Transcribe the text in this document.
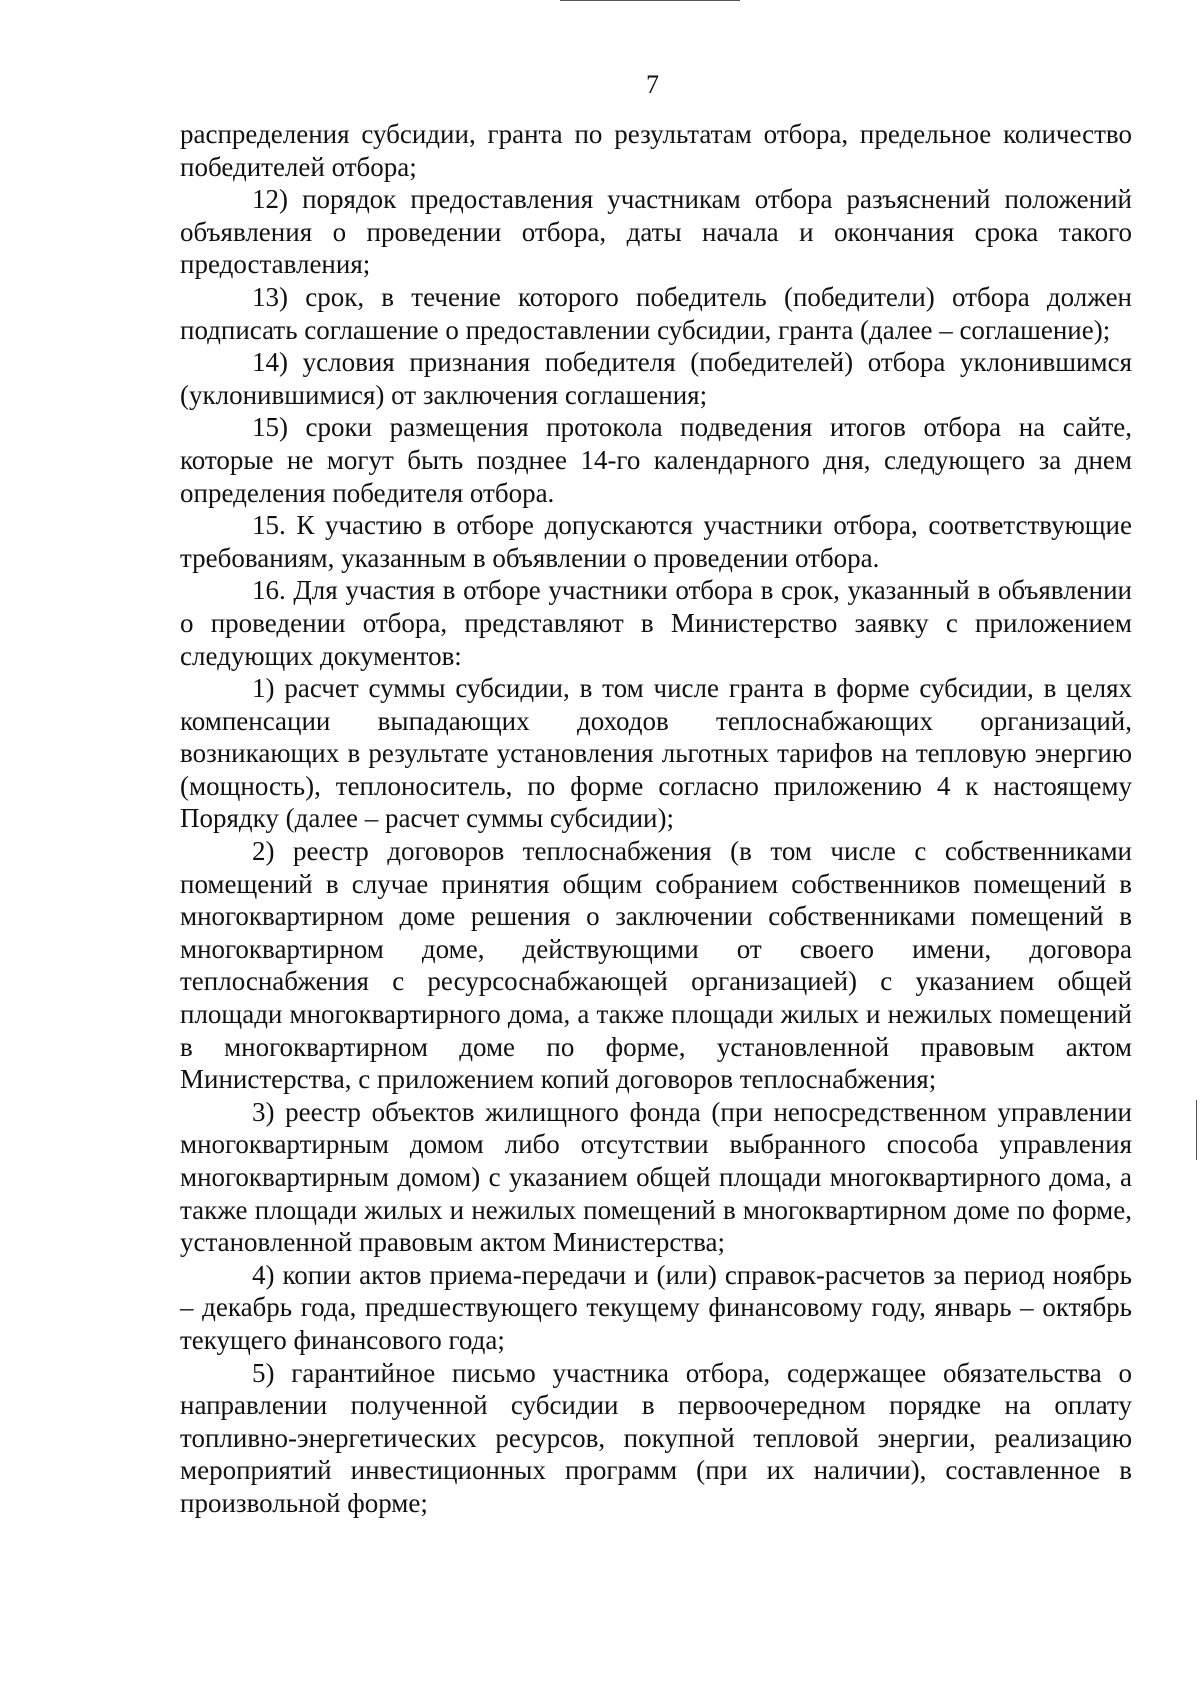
7

распределения субсидии, гранта по результатам отбора, предельное количество победителей отбора;

12) порядок предоставления участникам отбора разъяснений положений объявления о проведении отбора, даты начала и окончания срока такого предоставления;

13) срок, в течение которого победитель (победители) отбора должен подписать соглашение о предоставлении субсидии, гранта (далее – соглашение);

14) условия признания победителя (победителей) отбора уклонившимся (уклонившимися) от заключения соглашения;

15) сроки размещения протокола подведения итогов отбора на сайте, которые не могут быть позднее 14-го календарного дня, следующего за днем определения победителя отбора.

15. К участию в отборе допускаются участники отбора, соответствующие требованиям, указанным в объявлении о проведении отбора.

16. Для участия в отборе участники отбора в срок, указанный в объявлении о проведении отбора, представляют в Министерство заявку с приложением следующих документов:

1) расчет суммы субсидии, в том числе гранта в форме субсидии, в целях компенсации выпадающих доходов теплоснабжающих организаций, возникающих в результате установления льготных тарифов на тепловую энергию (мощность), теплоноситель, по форме согласно приложению 4 к настоящему Порядку (далее – расчет суммы субсидии);

2) реестр договоров теплоснабжения (в том числе с собственниками помещений в случае принятия общим собранием собственников помещений в многоквартирном доме решения о заключении собственниками помещений в многоквартирном доме, действующими от своего имени, договора теплоснабжения с ресурсоснабжающей организацией) с указанием общей площади многоквартирного дома, а также площади жилых и нежилых помещений в многоквартирном доме по форме, установленной правовым актом Министерства, с приложением копий договоров теплоснабжения;

3) реестр объектов жилищного фонда (при непосредственном управлении многоквартирным домом либо отсутствии выбранного способа управления многоквартирным домом) с указанием общей площади многоквартирного дома, а также площади жилых и нежилых помещений в многоквартирном доме по форме, установленной правовым актом Министерства;

4) копии актов приема-передачи и (или) справок-расчетов за период ноябрь – декабрь года, предшествующего текущему финансовому году, январь – октябрь текущего финансового года;

5) гарантийное письмо участника отбора, содержащее обязательства о направлении полученной субсидии в первоочередном порядке на оплату топливно-энергетических ресурсов, покупной тепловой энергии, реализацию мероприятий инвестиционных программ (при их наличии), составленное в произвольной форме;
